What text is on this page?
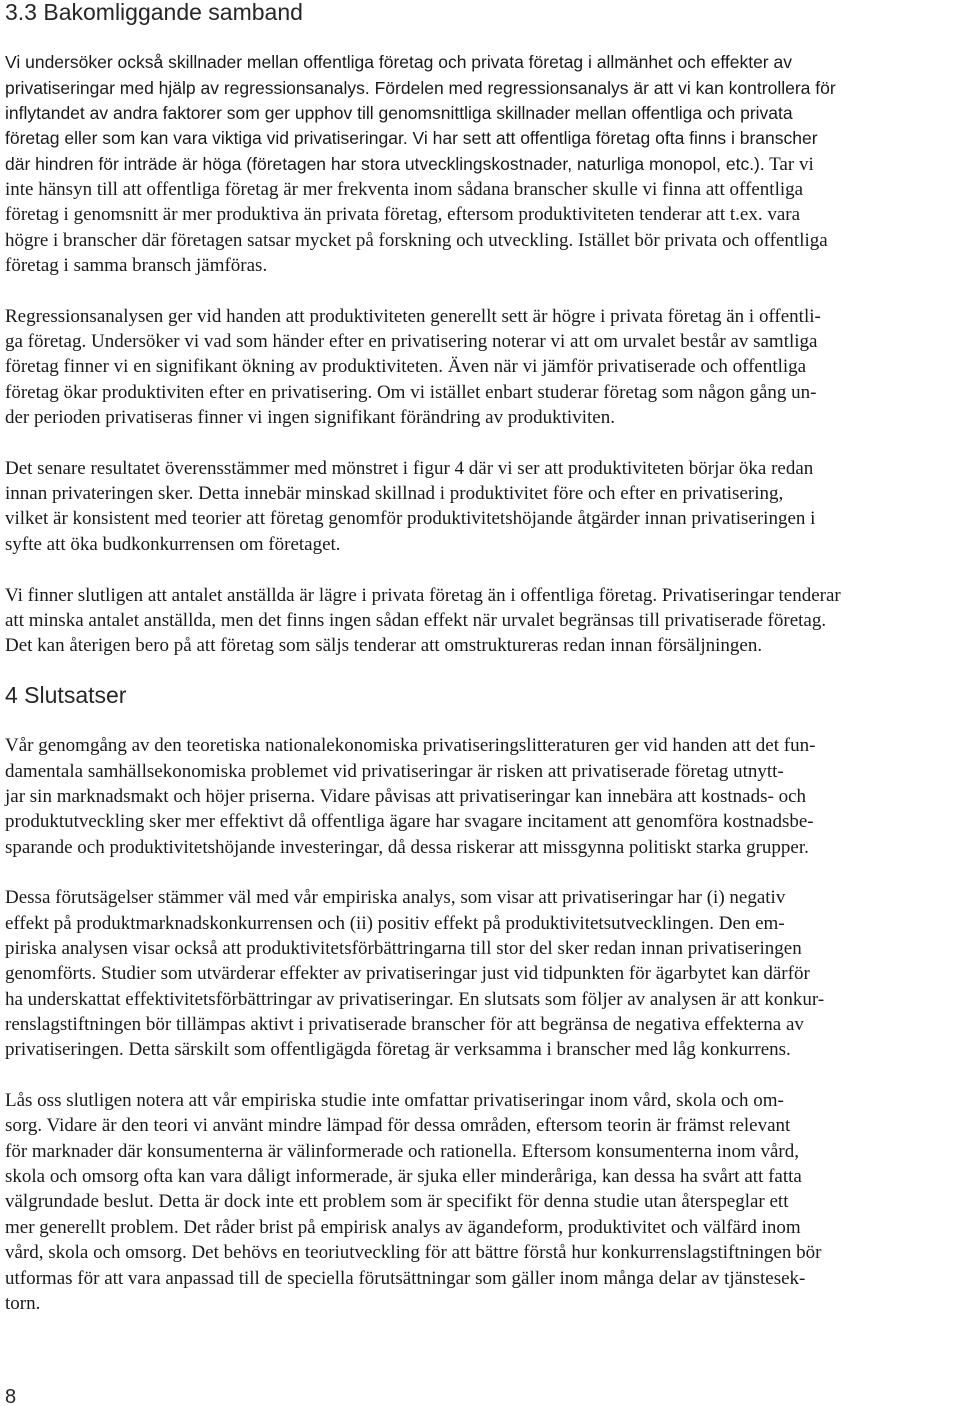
3.3 Bakomliggande samband
Vi undersöker också skillnader mellan offentliga företag och privata företag i allmänhet och effekter av
privatiseringar med hjälp av regressionsanalys. Fördelen med regressionsanalys är att vi kan kontrollera för
inflytandet av andra faktorer som ger upphov till genomsnittliga skillnader mellan offentliga och privata
företag eller som kan vara viktiga vid privatiseringar. Vi har sett att offentliga företag ofta finns i branscher
där hindren för inträde är höga (företagen har stora utvecklingskostnader, naturliga monopol, etc.). Tar vi
inte hänsyn till att offentliga företag är mer frekventa inom sådana branscher skulle vi finna att offentliga
företag i genomsnitt är mer produktiva än privata företag, eftersom produktiviteten tenderar att t.ex. vara
högre i branscher där företagen satsar mycket på forskning och utveckling. Istället bör privata och offentliga
företag i samma bransch jämföras.
Regressionsanalysen ger vid handen att produktiviteten generellt sett är högre i privata företag än i offentli-
ga företag. Undersöker vi vad som händer efter en privatisering noterar vi att om urvalet består av samtliga
företag finner vi en signifikant ökning av produktiviteten. Även när vi jämför privatiserade och offentliga
företag ökar produktiviten efter en privatisering. Om vi istället enbart studerar företag som någon gång un-
der perioden privatiseras finner vi ingen signifikant förändring av produktiviten.
Det senare resultatet överensstämmer med mönstret i figur 4 där vi ser att produktiviteten börjar öka redan
innan privateringen sker. Detta innebär minskad skillnad i produktivitet före och efter en privatisering,
vilket är konsistent med teorier att företag genomför produktivitetshöjande åtgärder innan privatiseringen i
syfte att öka budkonkurrensen om företaget.
Vi finner slutligen att antalet anställda är lägre i privata företag än i offentliga företag. Privatiseringar tenderar
att minska antalet anställda, men det finns ingen sådan effekt när urvalet begränsas till privatiserade företag.
Det kan återigen bero på att företag som säljs tenderar att omstruktureras redan innan försäljningen.
4 Slutsatser
Vår genomgång av den teoretiska nationalekonomiska privatiseringslitteraturen ger vid handen att det fun-
damentala samhällsekonomiska problemet vid privatiseringar är risken att privatiserade företag utnytt-
jar sin marknadsmakt och höjer priserna. Vidare påvisas att privatiseringar kan innebära att kostnads- och
produktutveckling sker mer effektivt då offentliga ägare har svagare incitament att genomföra kostnadsbe-
sparande och produktivitetshöjande investeringar, då dessa riskerar att missgynna politiskt starka grupper.
Dessa förutsägelser stämmer väl med vår empiriska analys, som visar att privatiseringar har (i) negativ
effekt på produktmarknadskonkurrensen och (ii) positiv effekt på produktivitetsutvecklingen. Den em-
piriska analysen visar också att produktivitetsförbättringarna till stor del sker redan innan privatiseringen
genomförts. Studier som utvärderar effekter av privatiseringar just vid tidpunkten för ägarbytet kan därför
ha underskattat effektivitetsförbättringar av privatiseringar. En slutsats som följer av analysen är att konkur-
renslagstiftningen bör tillämpas aktivt i privatiserade branscher för att begränsa de negativa effekterna av
privatiseringen. Detta särskilt som offentligägda företag är verksamma i branscher med låg konkurrens.
Lås oss slutligen notera att vår empiriska studie inte omfattar privatiseringar inom vård, skola och om-
sorg. Vidare är den teori vi använt mindre lämpad för dessa områden, eftersom teorin är främst relevant
för marknader där konsumenterna är välinformerade och rationella. Eftersom konsumenterna inom vård,
skola och omsorg ofta kan vara dåligt informerade, är sjuka eller minderåriga, kan dessa ha svårt att fatta
välgrundade beslut. Detta är dock inte ett problem som är specifikt för denna studie utan återspeglar ett
mer generellt problem. Det råder brist på empirisk analys av ägandeform, produktivitet och välfärd inom
vård, skola och omsorg. Det behövs en teoriutveckling för att bättre förstå hur konkurrenslagstiftningen bör
utformas för att vara anpassad till de speciella förutsättningar som gäller inom många delar av tjänstesek-
torn.
8
